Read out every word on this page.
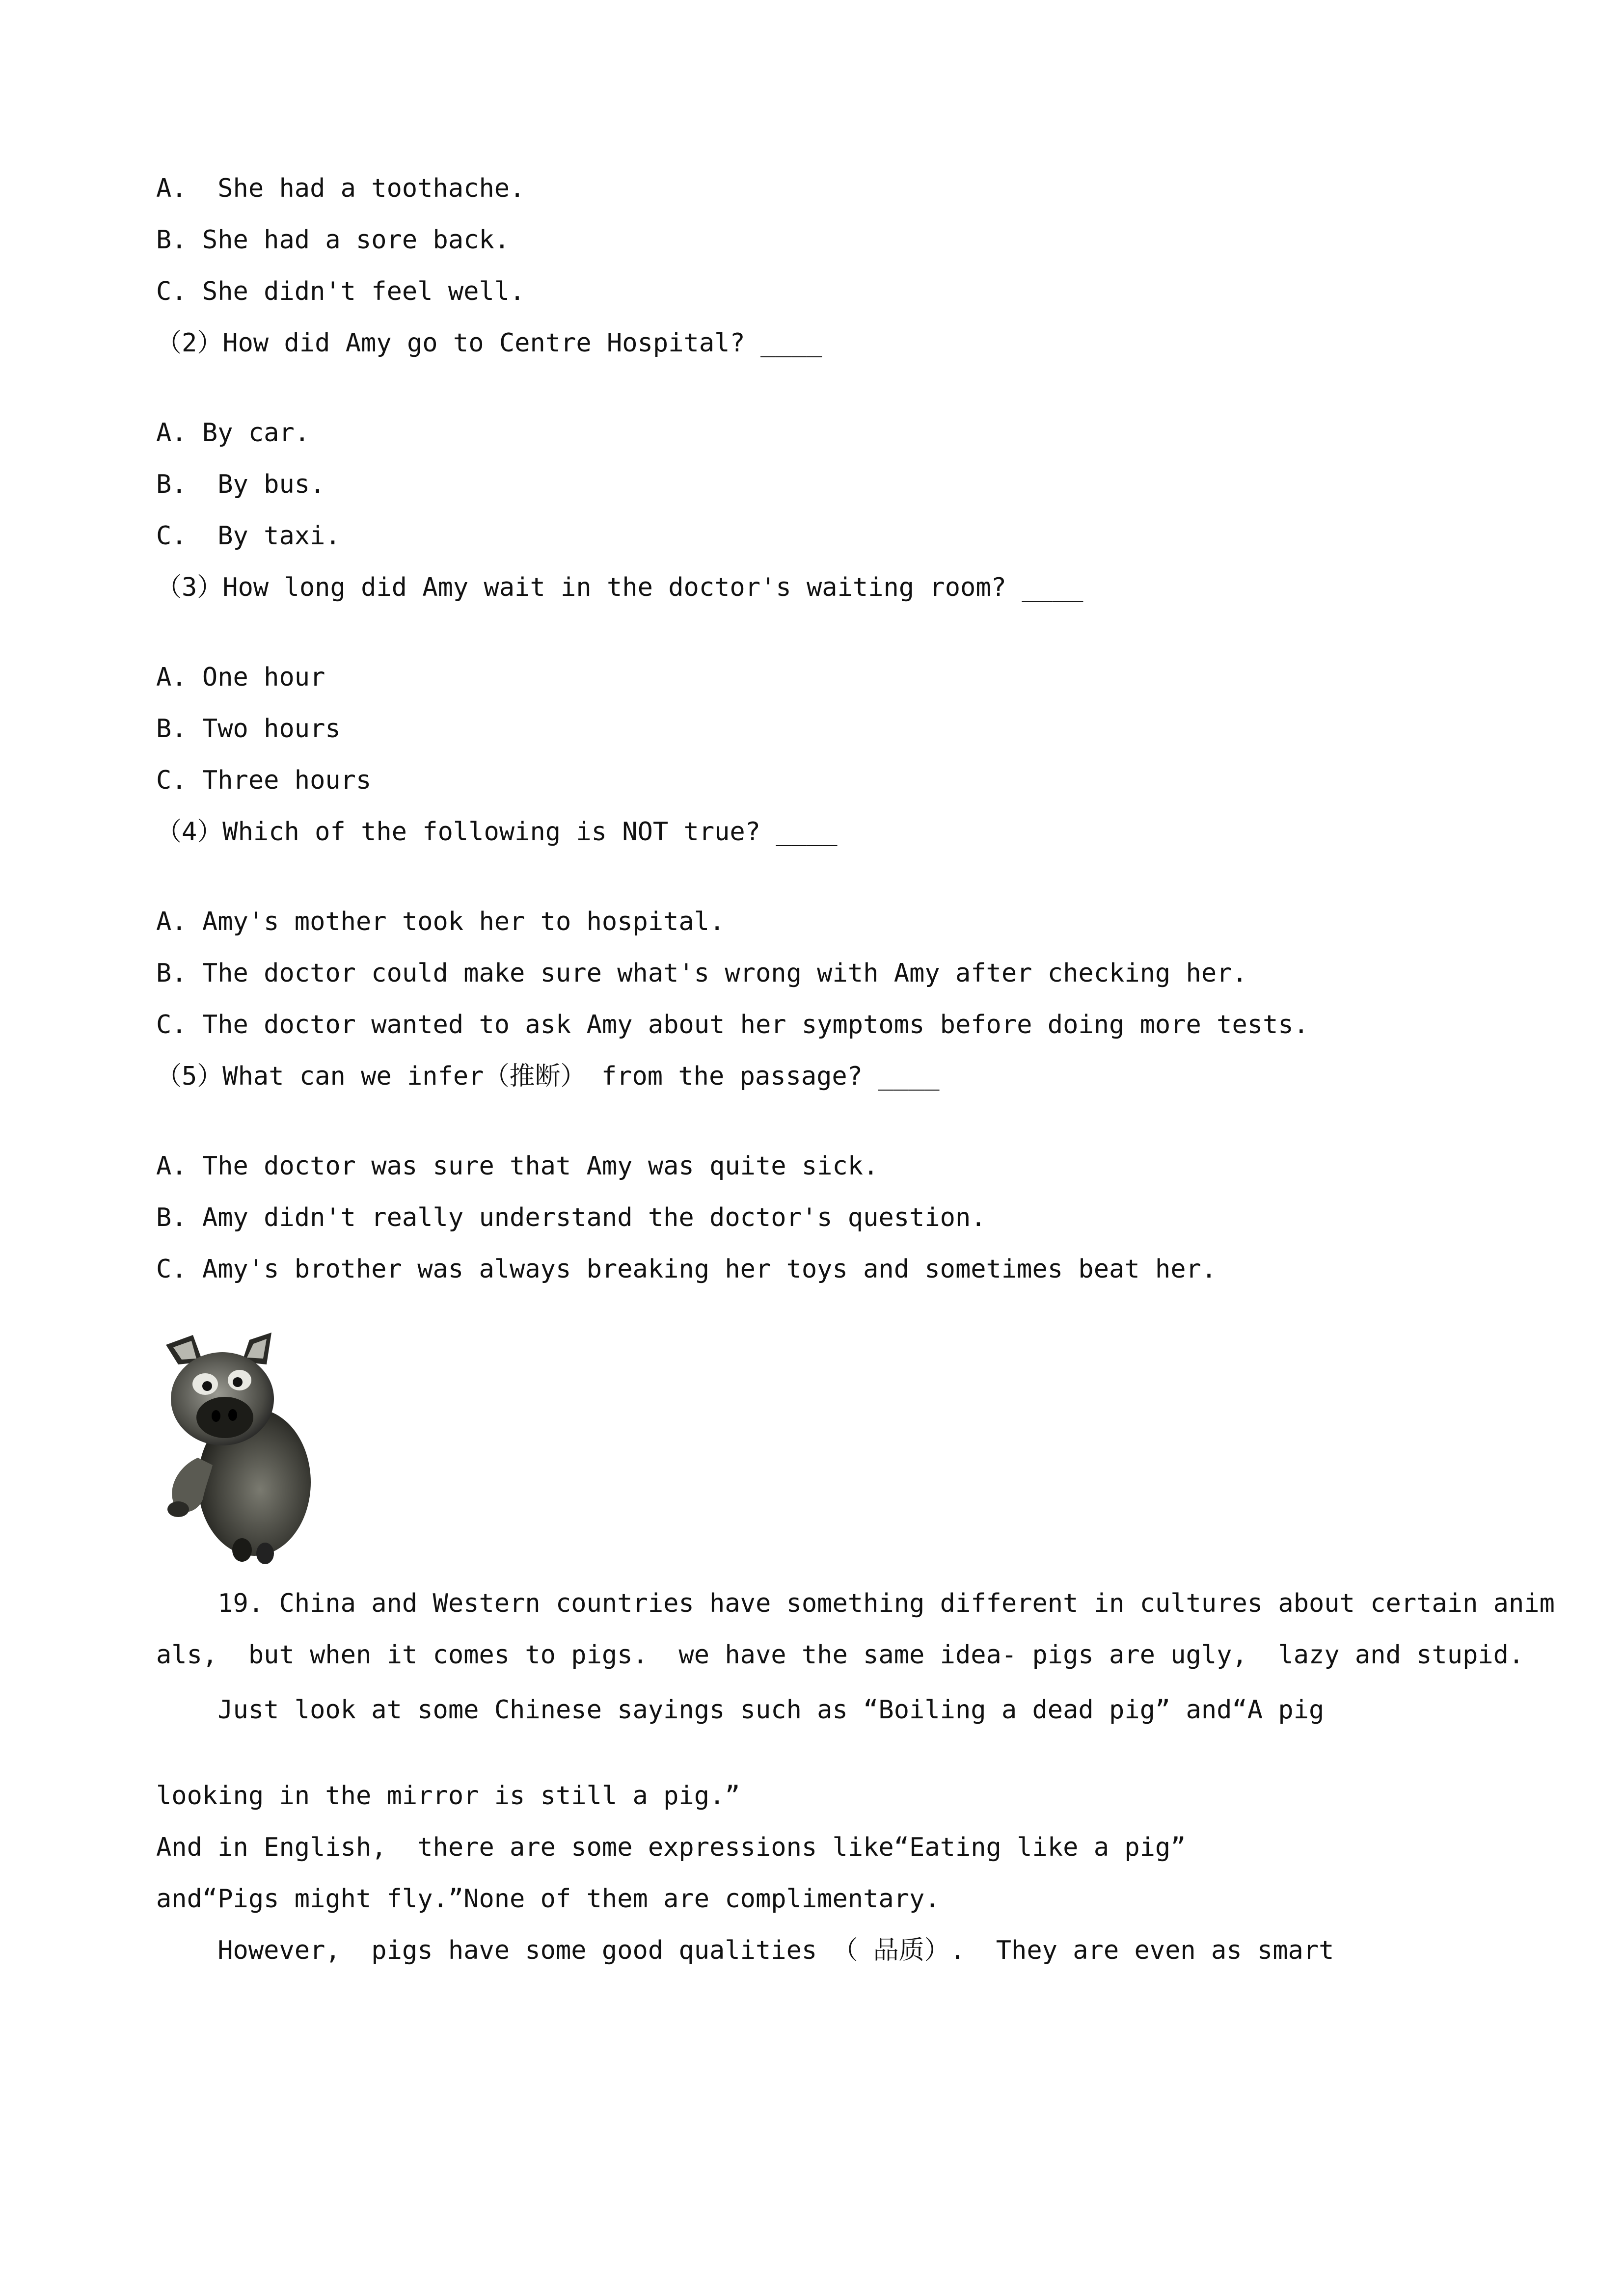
A.  She had a toothache.

B. She had a sore back.

C. She didn't feel well.

（2）How did Amy go to Centre Hospital? ____

A. By car.

B.  By bus.

C.  By taxi.

（3）How long did Amy wait in the doctor's waiting room? ____

A. One hour

B. Two hours

C. Three hours

（4）Which of the following is NOT true? ____

A. Amy's mother took her to hospital.

B. The doctor could make sure what's wrong with Amy after checking her.

C. The doctor wanted to ask Amy about her symptoms before doing more tests.

（5）What can we infer（推断） from the passage? ____

A. The doctor was sure that Amy was quite sick.

B. Amy didn't really understand the doctor's question.

C. Amy's brother was always breaking her toys and sometimes beat her.

19. China and Western countries have something different in cultures about certain anim

als,  but when it comes to pigs.  we have the same idea- pigs are ugly,  lazy and stupid.

Just look at some Chinese sayings such as “Boiling a dead pig” and“A pig

looking in the mirror is still a pig.”

And in English,  there are some expressions like“Eating like a pig”

and“Pigs might fly.”None of them are complimentary.

However,  pigs have some good qualities （ 品质）.  They are even as smart
